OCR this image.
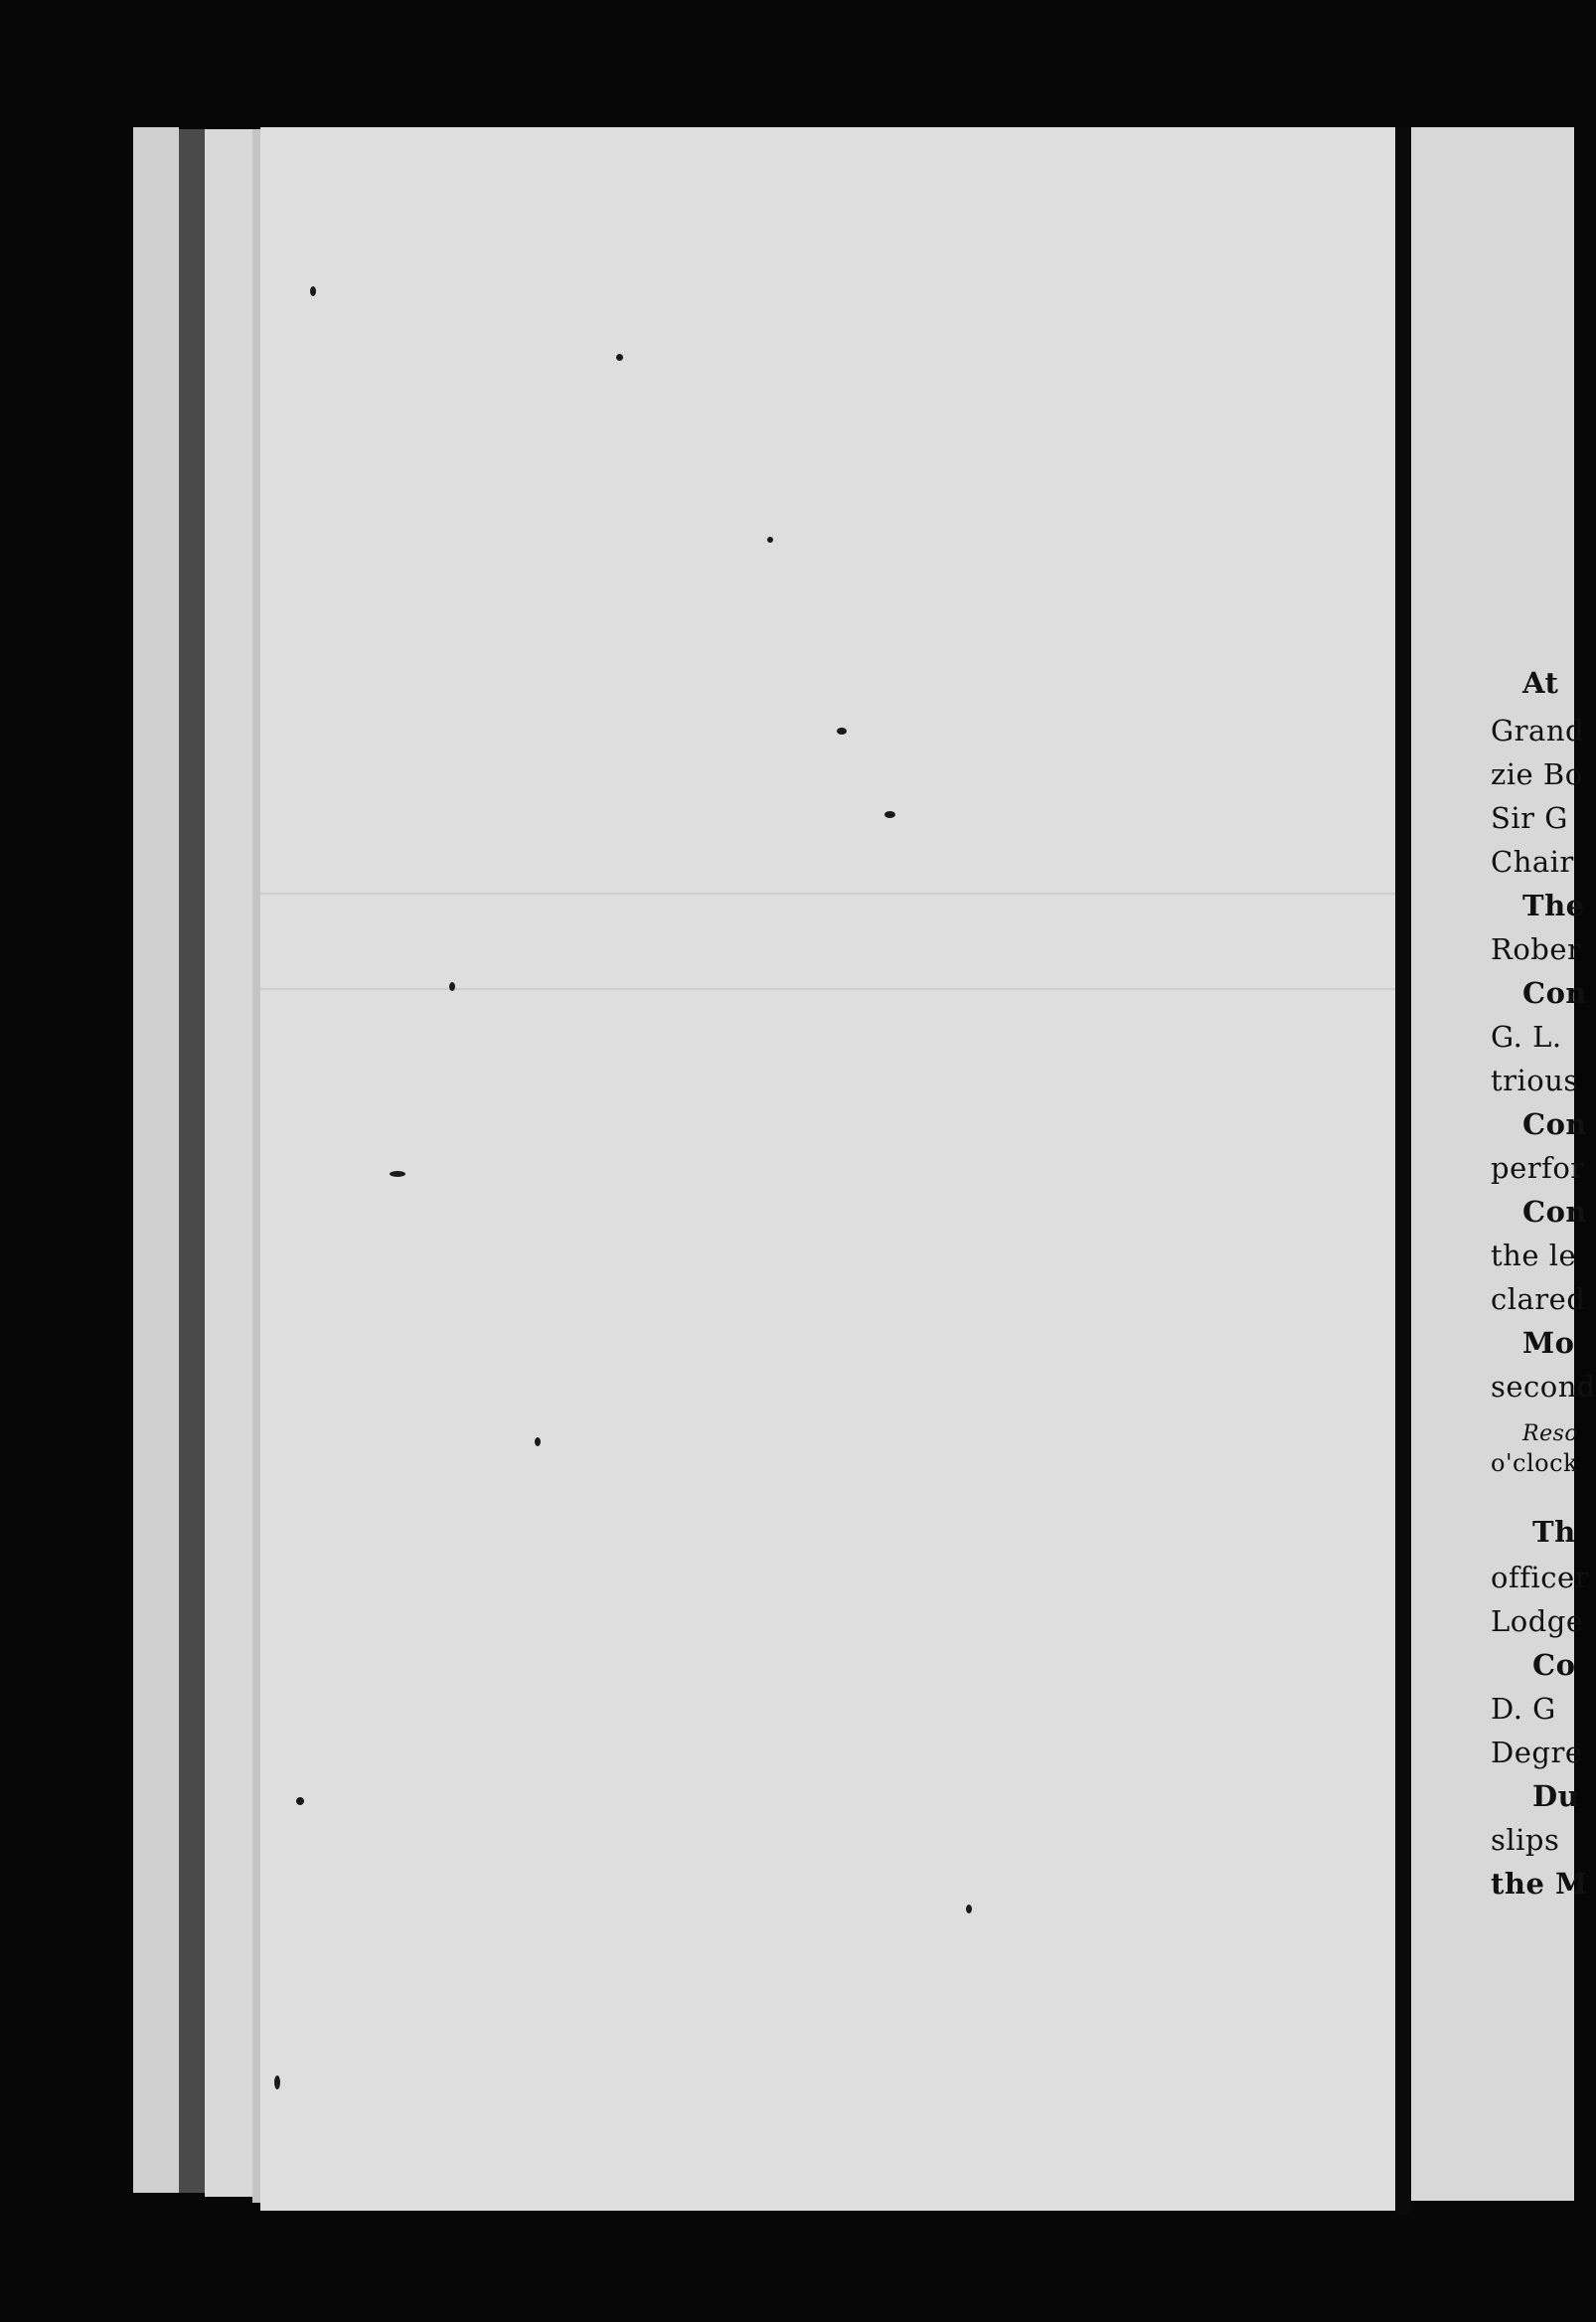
At
Grand
zie Bo
Sir G
Chair
The
Rober
Con
G. L.
trious
Con
perfor
Con
the le
clared
Mo
second
Reso
o'clock
Th
officer
Lodge
Co
D. G
Degre
Du
slips
the M
